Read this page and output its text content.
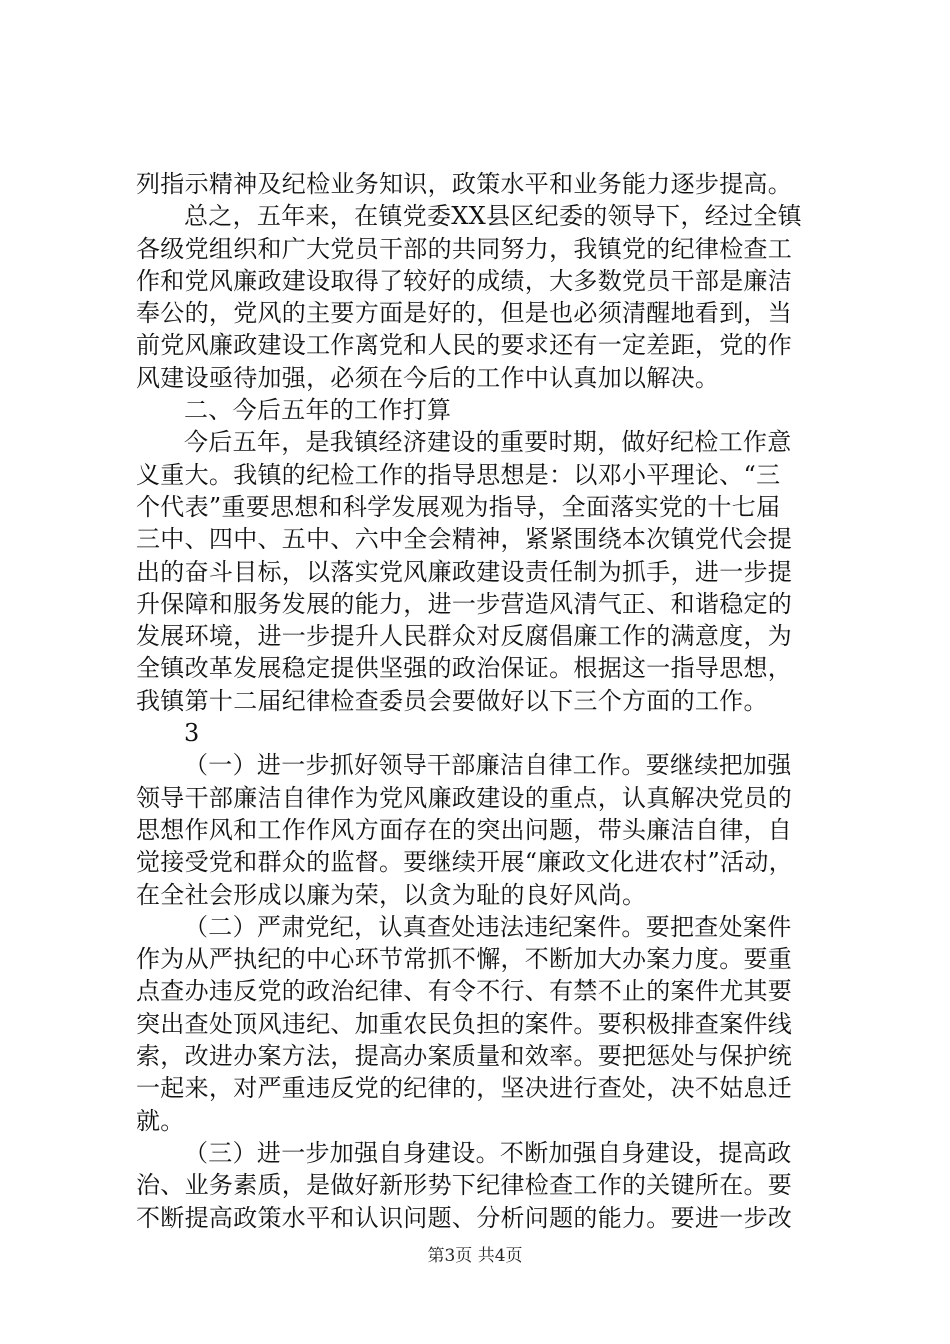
列指示精神及纪检业务知识，政策水平和业务能力逐步提高。
总之，五年来，在镇党委XX县区纪委的领导下，经过全镇
各级党组织和广大党员干部的共同努力，我镇党的纪律检查工
作和党风廉政建设取得了较好的成绩，大多数党员干部是廉洁
奉公的，党风的主要方面是好的，但是也必须清醒地看到，当
前党风廉政建设工作离党和人民的要求还有一定差距，党的作
风建设亟待加强，必须在今后的工作中认真加以解决。
二、今后五年的工作打算
今后五年，是我镇经济建设的重要时期，做好纪检工作意
义重大。我镇的纪检工作的指导思想是：以邓小平理论、“三
个代表”重要思想和科学发展观为指导，全面落实党的十七届
三中、四中、五中、六中全会精神，紧紧围绕本次镇党代会提
出的奋斗目标，以落实党风廉政建设责任制为抓手，进一步提
升保障和服务发展的能力，进一步营造风清气正、和谐稳定的
发展环境，进一步提升人民群众对反腐倡廉工作的满意度，为
全镇改革发展稳定提供坚强的政治保证。根据这一指导思想，
我镇第十二届纪律检查委员会要做好以下三个方面的工作。
3
（一）进一步抓好领导干部廉洁自律工作。要继续把加强
领导干部廉洁自律作为党风廉政建设的重点，认真解决党员的
思想作风和工作作风方面存在的突出问题，带头廉洁自律，自
觉接受党和群众的监督。要继续开展“廉政文化进农村”活动，
在全社会形成以廉为荣，以贪为耻的良好风尚。
（二）严肃党纪，认真查处违法违纪案件。要把查处案件
作为从严执纪的中心环节常抓不懈，不断加大办案力度。要重
点查办违反党的政治纪律、有令不行、有禁不止的案件尤其要
突出查处顶风违纪、加重农民负担的案件。要积极排查案件线
索，改进办案方法，提高办案质量和效率。要把惩处与保护统
一起来，对严重违反党的纪律的，坚决进行查处，决不姑息迁
就。
（三）进一步加强自身建设。不断加强自身建设，提高政
治、业务素质，是做好新形势下纪律检查工作的关键所在。要
不断提高政策水平和认识问题、分析问题的能力。要进一步改
第3页 共4页
